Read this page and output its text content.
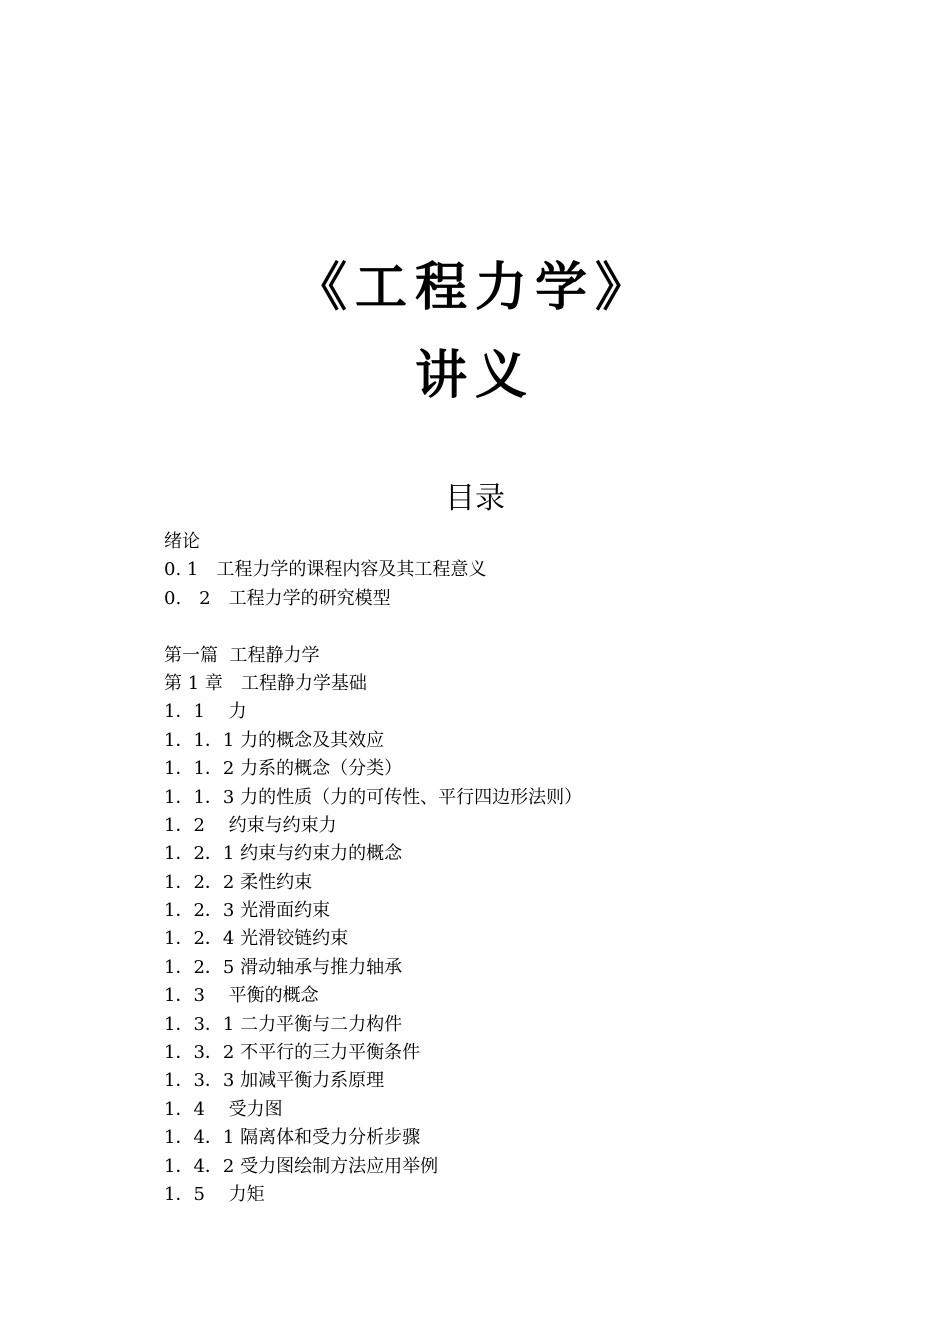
《工程力学》
讲义
目录
绪论
0. 1　工程力学的课程内容及其工程意义
0.　2　工程力学的研究模型
第一篇  工程静力学
第 1 章　工程静力学基础
1．1　 力
1．1．1 力的概念及其效应
1．1．2 力系的概念（分类）
1．1．3 力的性质（力的可传性、平行四边形法则）
1．2　 约束与约束力
1．2．1 约束与约束力的概念
1．2．2 柔性约束
1．2．3 光滑面约束
1．2．4 光滑铰链约束
1．2．5 滑动轴承与推力轴承
1．3　 平衡的概念
1．3．1 二力平衡与二力构件
1．3．2 不平行的三力平衡条件
1．3．3 加减平衡力系原理
1．4　 受力图
1．4．1 隔离体和受力分析步骤
1．4．2 受力图绘制方法应用举例
1．5　 力矩
